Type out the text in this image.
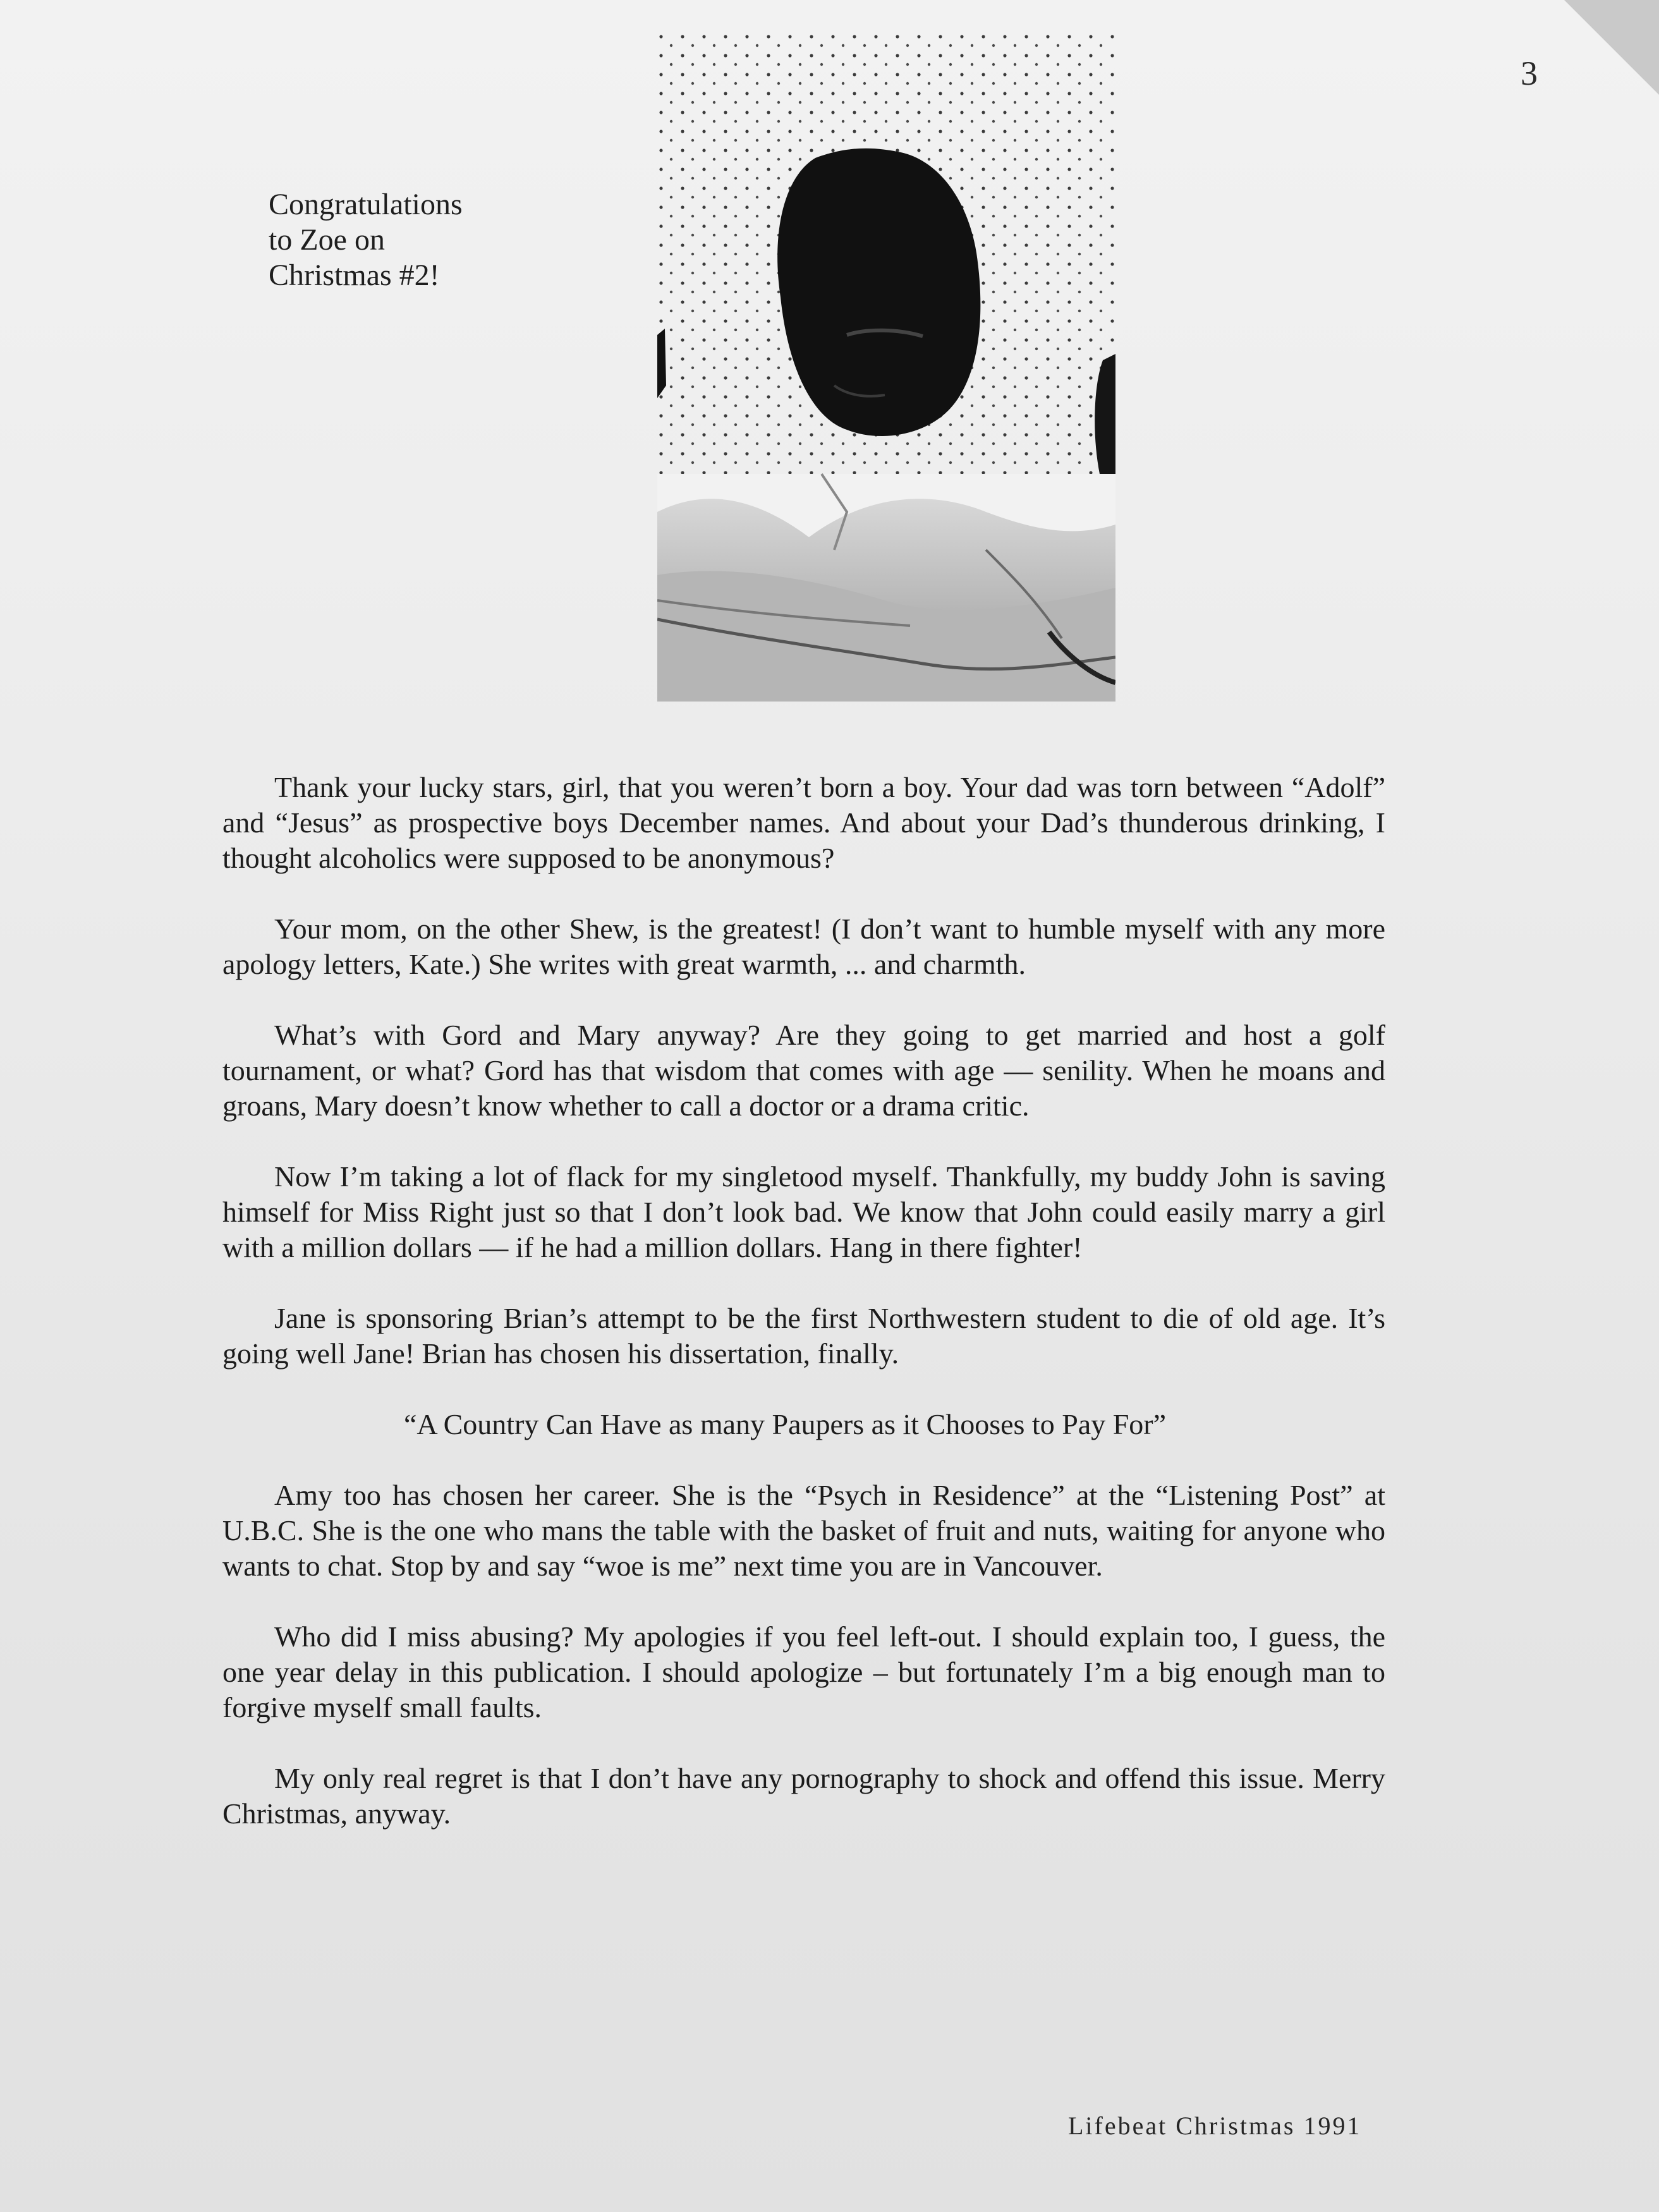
3
Congratulations
to Zoe on
Christmas #2!

Thank your lucky stars, girl, that you weren’t born a boy. Your dad was torn between “Adolf” and “Jesus” as prospective boys December names. And about your Dad’s thunderous drinking, I thought alcoholics were supposed to be anonymous?

Your mom, on the other Shew, is the greatest! (I don’t want to humble myself with any more apology letters, Kate.) She writes with great warmth, ... and charmth.

What’s with Gord and Mary anyway? Are they going to get married and host a golf tournament, or what? Gord has that wisdom that comes with age — senility. When he moans and groans, Mary doesn’t know whether to call a doctor or a drama critic.

Now I’m taking a lot of flack for my singletood myself. Thankfully, my buddy John is saving himself for Miss Right just so that I don’t look bad. We know that John could easily marry a girl with a million dollars — if he had a million dollars. Hang in there fighter!

Jane is sponsoring Brian’s attempt to be the first Northwestern student to die of old age. It’s going well Jane! Brian has chosen his dissertation, finally.

“A Country Can Have as many Paupers as it Chooses to Pay For”

Amy too has chosen her career. She is the “Psych in Residence” at the “Listening Post” at U.B.C. She is the one who mans the table with the basket of fruit and nuts, waiting for anyone who wants to chat. Stop by and say “woe is me” next time you are in Vancouver.

Who did I miss abusing? My apologies if you feel left-out. I should explain too, I guess, the one year delay in this publication. I should apologize – but fortunately I’m a big enough man to forgive myself small faults.

My only real regret is that I don’t have any pornography to shock and offend this issue. Merry Christmas, anyway.

Lifebeat Christmas 1991
